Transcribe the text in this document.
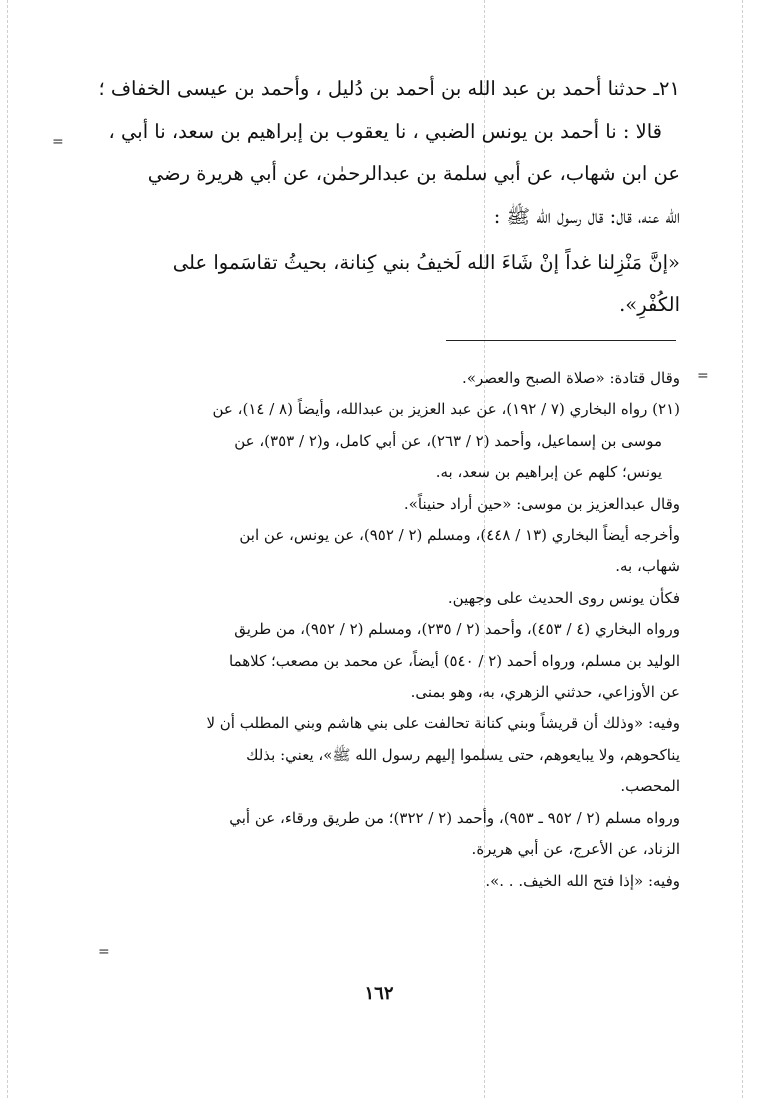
=
=
=

٢١ـ حدثنا أحمد بن عبد الله بن أحمد بن دُليل ، وأحمد بن عيسى الخفاف ؛

قالا : نا أحمد بن يونس الضبي ، نا يعقوب بن إبراهيم بن سعد، نا أبي ،

عن ابن شهاب، عن أبي سلمة بن عبدالرحمٰن، عن أبي هريرة رضي

الله عنه، قال: قال رسول الله ﷺ :

«إنَّ مَنْزِلنا غداً إنْ شَاءَ الله لَخيفُ بني كِنانة، بحيثُ تقاسَموا على

الكُفْرِ».

وقال قتادة: «صلاة الصبح والعصر».

(٢١) رواه البخاري (٧ / ١٩٢)، عن عبد العزيز بن عبدالله، وأيضاً (٨ / ١٤)، عن

موسى بن إسماعيل، وأحمد (٢ / ٢٦٣)، عن أبي كامل، و(٢ / ٣٥٣)، عن

يونس؛ كلهم عن إبراهيم بن سعد، به.

وقال عبدالعزيز بن موسى: «حين أراد حنيناً».

وأخرجه أيضاً البخاري (١٣ / ٤٤٨)، ومسلم (٢ / ٩٥٢)، عن يونس، عن ابن

شهاب، به.

فكأن يونس روى الحديث على وجهين.

ورواه البخاري (٤ / ٤٥٣)، وأحمد (٢ / ٢٣٥)، ومسلم (٢ / ٩٥٢)، من طريق

الوليد بن مسلم، ورواه أحمد (٢ / ٥٤٠) أيضاً، عن محمد بن مصعب؛ كلاهما

عن الأوزاعي، حدثني الزهري، به، وهو بمنى.

وفيه: «وذلك أن قريشاً وبني كنانة تحالفت على بني هاشم وبني المطلب أن لا

يناكحوهم، ولا يبايعوهم، حتى يسلموا إليهم رسول الله ﷺ»، يعني: بذلك

المحصب.

ورواه مسلم (٢ / ٩٥٢ ـ ٩٥٣)، وأحمد (٢ / ٣٢٢)؛ من طريق ورقاء، عن أبي

الزناد، عن الأعرج، عن أبي هريرة.

وفيه: «إذا فتح الله الخيف. . .».

١٦٢
